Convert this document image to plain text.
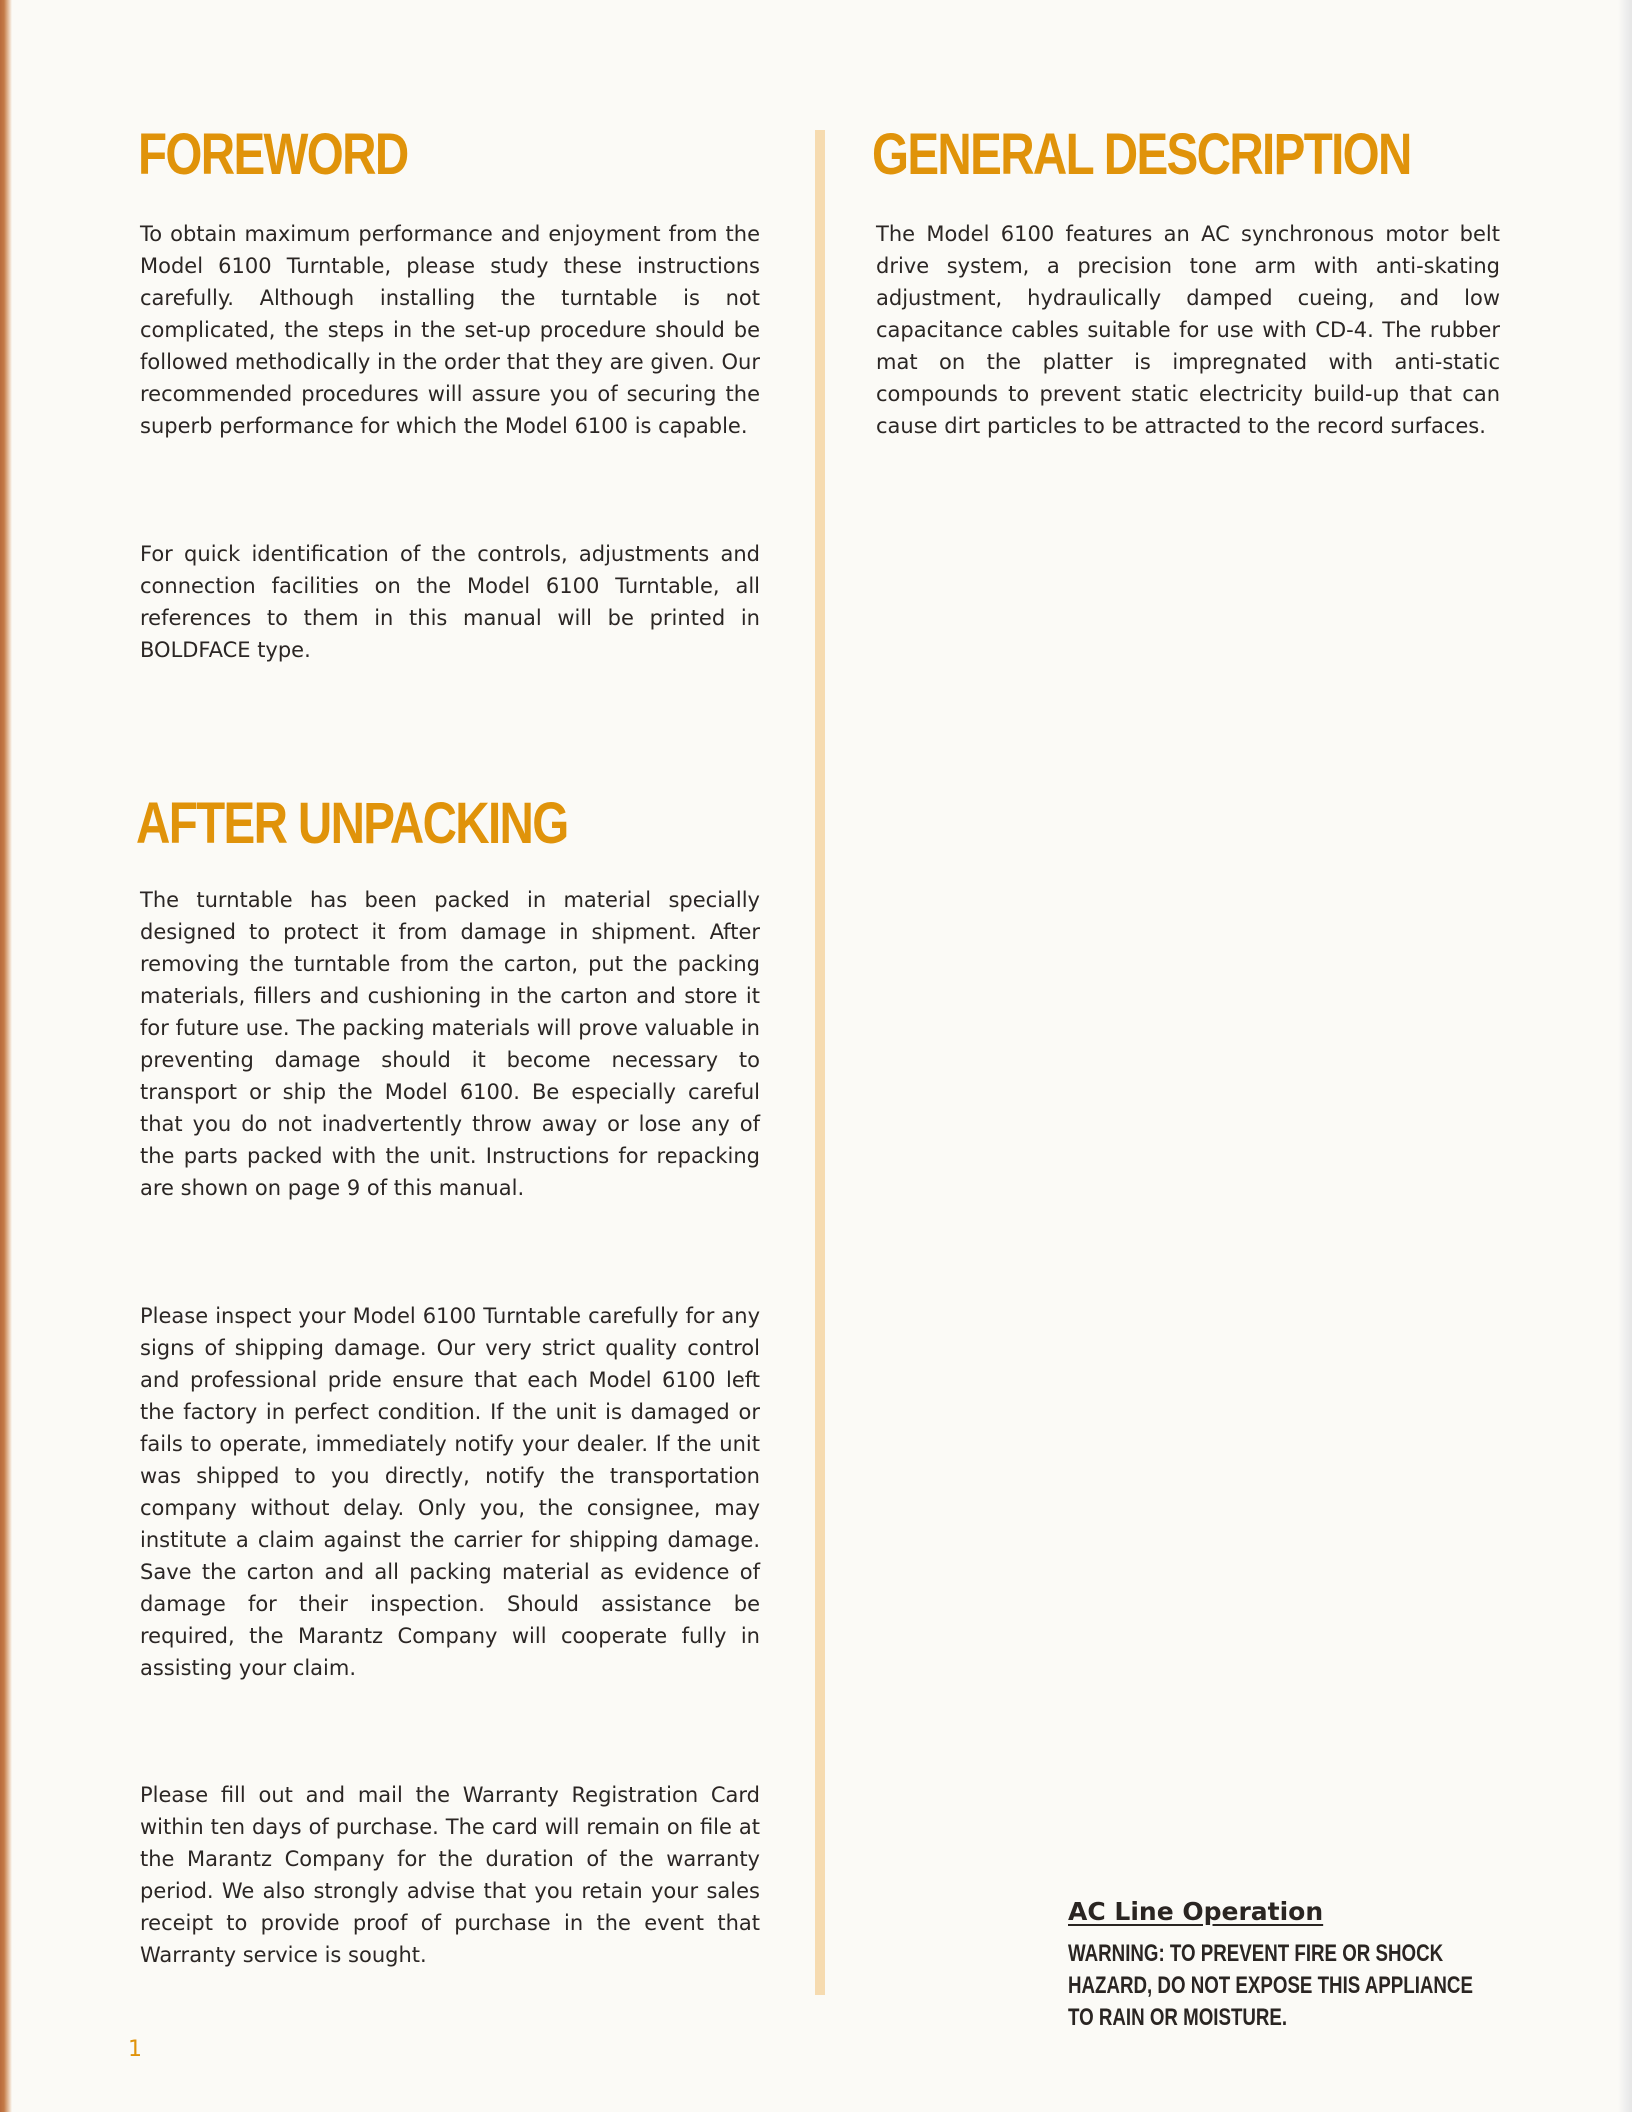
FOREWORD

To obtain maximum performance and enjoyment from the Model 6100 Turntable, please study these instructions carefully. Although installing the turntable is not complicated, the steps in the set-up procedure should be followed methodically in the order that they are given. Our recommended procedures will assure you of securing the superb performance for which the Model 6100 is capable.

For quick identification of the controls, adjustments and connection facilities on the Model 6100 Turntable, all references to them in this manual will be printed in BOLDFACE type.

AFTER UNPACKING

The turntable has been packed in material specially designed to protect it from damage in shipment. After removing the turntable from the carton, put the packing materials, fillers and cushioning in the carton and store it for future use. The packing materials will prove valuable in preventing damage should it become necessary to transport or ship the Model 6100. Be especially careful that you do not inadvertently throw away or lose any of the parts packed with the unit. Instructions for repacking are shown on page 9 of this manual.

Please inspect your Model 6100 Turntable carefully for any signs of shipping damage. Our very strict quality control and professional pride ensure that each Model 6100 left the factory in perfect condition. If the unit is damaged or fails to operate, immediately notify your dealer. If the unit was shipped to you directly, notify the transportation company without delay. Only you, the consignee, may institute a claim against the carrier for shipping damage. Save the carton and all packing material as evidence of damage for their inspection. Should assistance be required, the Marantz Company will cooperate fully in assisting your claim.

Please fill out and mail the Warranty Registration Card within ten days of purchase. The card will remain on file at the Marantz Company for the duration of the warranty period. We also strongly advise that you retain your sales receipt to provide proof of purchase in the event that Warranty service is sought.

GENERAL DESCRIPTION

The Model 6100 features an AC synchronous motor belt drive system, a precision tone arm with anti-skating adjustment, hydraulically damped cueing, and low capacitance cables suitable for use with CD-4. The rubber mat on the platter is impregnated with anti-static compounds to prevent static electricity build-up that can cause dirt particles to be attracted to the record surfaces.

AC Line Operation

WARNING: TO PREVENT FIRE OR SHOCK HAZARD, DO NOT EXPOSE THIS APPLIANCE TO RAIN OR MOISTURE.

1
